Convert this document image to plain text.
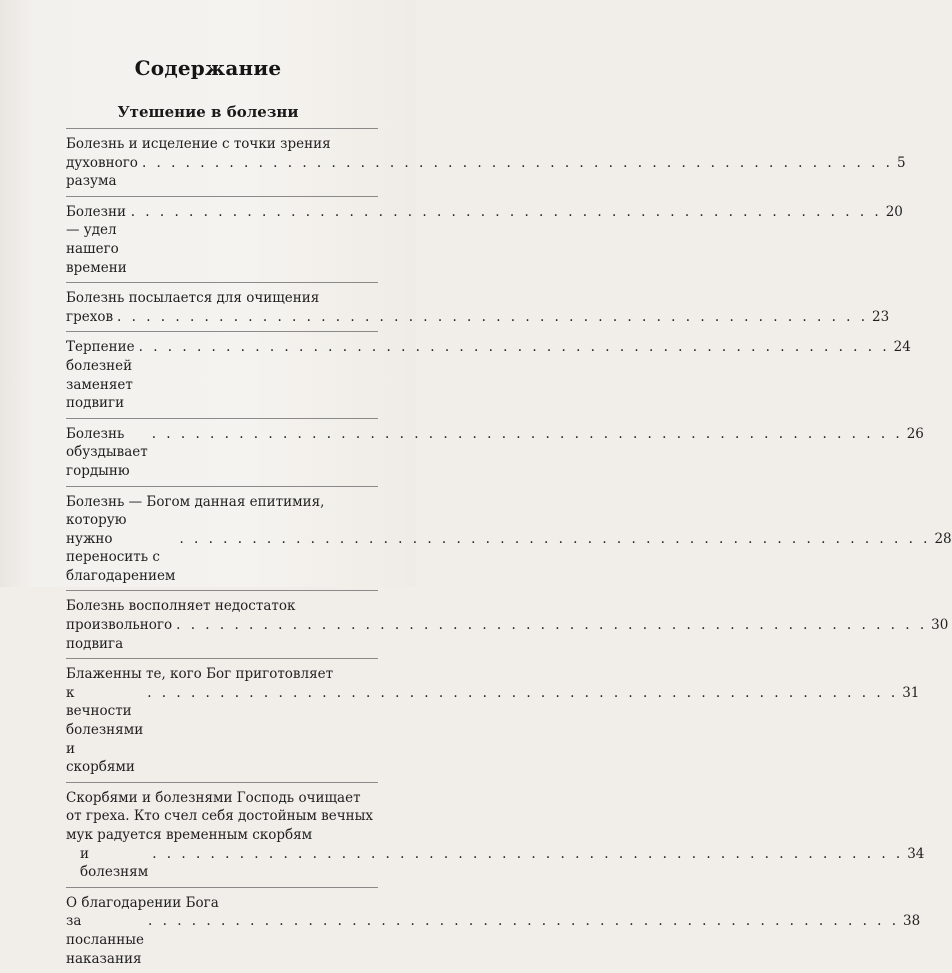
Содержание
Утешение в болезни
Болезнь и исцеление с точки зрения
духовного разума
. . .
5
Болезни — удел нашего времени
. . .
20
Болезнь посылается для очищения
грехов
. . .	23
Терпение болезней заменяет подвиги
. . .
24
Болезнь обуздывает гордыню
. . .
26
Болезнь — Богом данная епитимия, которую
нужно переносить с благодарением
. . .
28
Болезнь восполняет недостаток
произвольного подвига
. . .
30
Блаженны те, кого Бог приготовляет
к вечности болезнями и скорбями
. . .
31
Скорбями и болезнями Господь очищает
от греха. Кто счел себя достойным вечных
мук радуется временным скорбям
и болезням
. . .
34
О благодарении Бога
за посланные наказания
. . .
38
